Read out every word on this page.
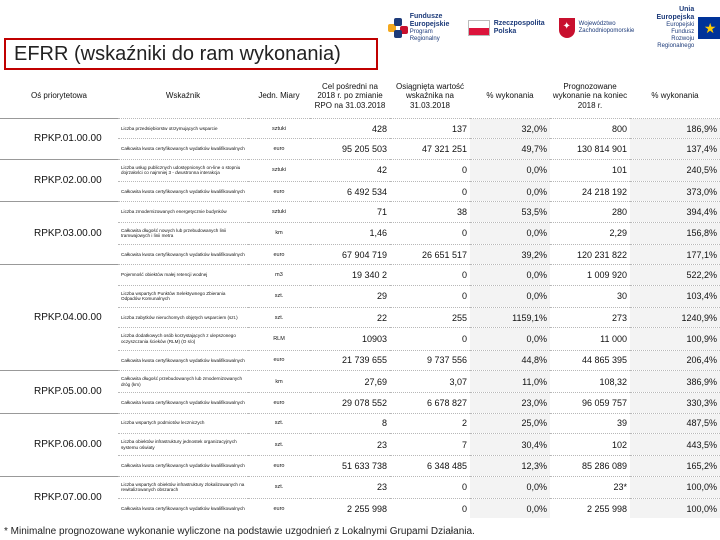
Fundusze
Europejskie
Program Regionalny
Rzeczpospolita
Polska	✦	Województwo
Zachodniopomorskie
Unia Europejska
Europejski Fundusz
Rozwoju Regionalnego
★
EFRR (wskaźniki do ram wykonania)
Oś priorytetowa	Wskaźnik	Jedn. Miary	Cel pośredni na 2018 r. po zmianie RPO na 31.03.2018	Osiągnięta wartość wskaźnika na 31.03.2018	% wykonania	Prognozowane wykonanie na koniec 2018 r.	% wykonania
RPKP.01.00.00	Liczba przedsiębiorstw otrzymujących wsparcie	sztuki	428	137	32,0%	800	186,9%
	Całkowita kwota certyfikowanych wydatków kwalifikowalnych	euro	95 205 503	47 321 251	49,7%	130 814 901	137,4%
RPKP.02.00.00	Liczba usług publicznych udostępnionych on-line o stopniu dojrzałości co najmniej 3 - dwustronna interakcja	sztuki	42	0	0,0%	101	240,5%
	Całkowita kwota certyfikowanych wydatków kwalifikowalnych	euro	6 492 534	0	0,0%	24 218 192	373,0%
RPKP.03.00.00	Liczba zmodernizowanych energetycznie budynków	sztuki	71	38	53,5%	280	394,4%
	Całkowita długość nowych lub przebudowanych linii tramwajowych i linii metra	km	1,46	0	0,0%	2,29	156,8%
	Całkowita kwota certyfikowanych wydatków kwalifikowalnych	euro	67 904 719	26 651 517	39,2%	120 231 822	177,1%
RPKP.04.00.00	Pojemność obiektów małej retencji wodnej	m3	19 340 2	0	0,0%	1 009 920	522,2%
	Liczba wspartych Punktów Selektywnego Zbierania Odpadów Komunalnych	szt.	29	0	0,0%	30	103,4%
	Liczba zabytków nieruchomych objętych wsparciem (szt.)	szt.	22	255	1159,1%	273	1240,9%
	Liczba dodatkowych osób korzystających z ulepszonego oczyszczania ścieków (RLM) (O s/o)	RLM	10903	0	0,0%	11 000	100,9%
	Całkowita kwota certyfikowanych wydatków kwalifikowalnych	euro	21 739 655	9 737 556	44,8%	44 865 395	206,4%
RPKP.05.00.00	Całkowita długość przebudowanych lub zmodernizowanych dróg (km)	km	27,69	3,07	11,0%	108,32	386,9%
	Całkowita kwota certyfikowanych wydatków kwalifikowalnych	euro	29 078 552	6 678 827	23,0%	96 059 757	330,3%
RPKP.06.00.00	Liczba wspartych podmiotów leczniczych	szt.	8	2	25,0%	39	487,5%
	Liczba obiektów infrastruktury jednostek organizacyjnych systemu oświaty	szt.	23	7	30,4%	102	443,5%
	Całkowita kwota certyfikowanych wydatków kwalifikowalnych	euro	51 633 738	6 348 485	12,3%	85 286 089	165,2%
RPKP.07.00.00	Liczba wspartych obiektów infrastruktury zlokalizowanych na rewitalizowanych obszarach	szt.	23	0	0,0%	23*	100,0%
	Całkowita kwota certyfikowanych wydatków kwalifikowalnych	euro	2 255 998	0	0,0%	2 255 998	100,0%
* Minimalne prognozowane wykonanie wyliczone na podstawie uzgodnień z Lokalnymi Grupami Działania.
